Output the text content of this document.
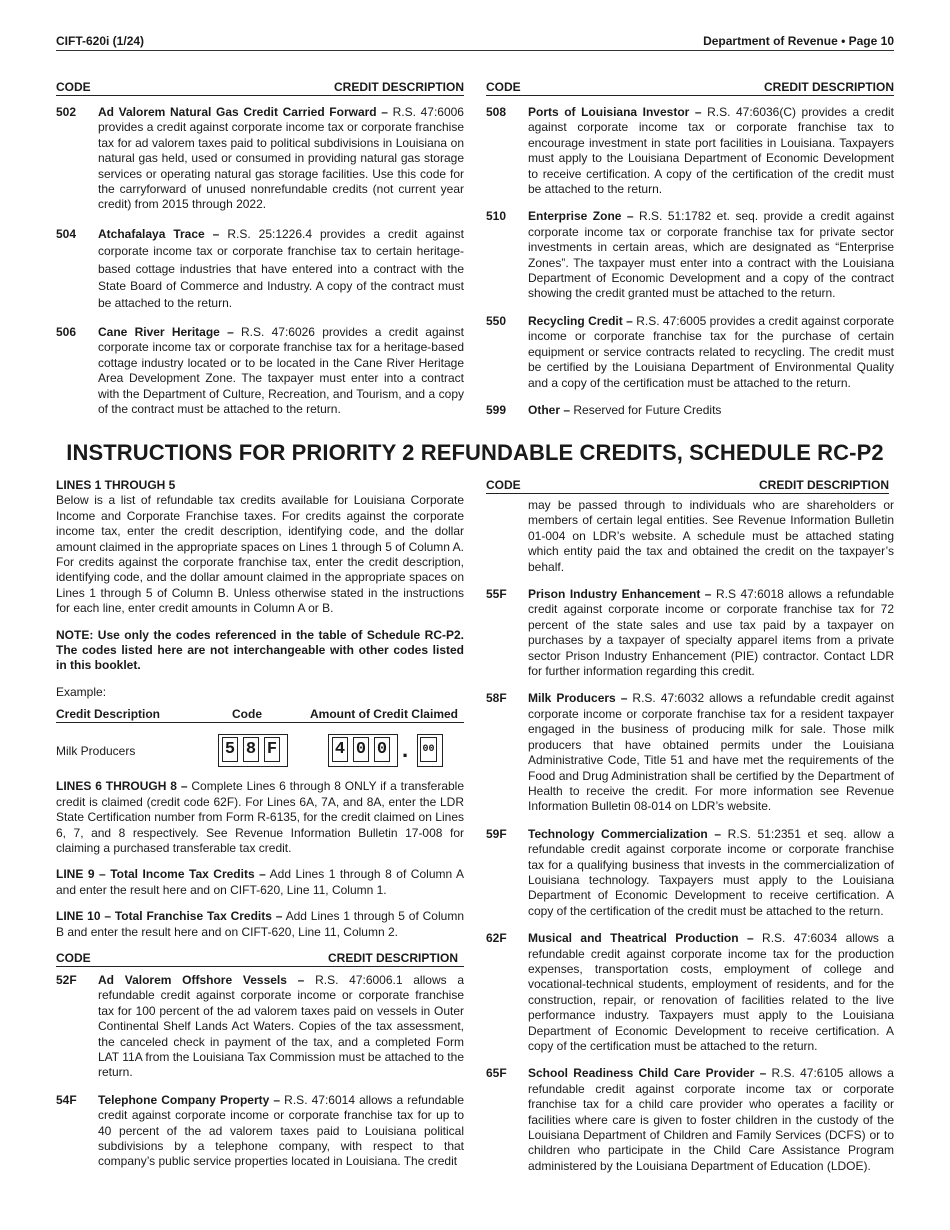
CIFT-620i (1/24)	Department of Revenue • Page 10
CODE	CREDIT DESCRIPTION
502 Ad Valorem Natural Gas Credit Carried Forward – R.S. 47:6006 provides a credit against corporate income tax or corporate franchise tax for ad valorem taxes paid to political subdivisions in Louisiana on natural gas held, used or consumed in providing natural gas storage services or operating natural gas storage facilities. Use this code for the carryforward of unused nonrefundable credits (not current year credit) from 2015 through 2022.
504 Atchafalaya Trace – R.S. 25:1226.4 provides a credit against corporate income tax or corporate franchise tax to certain heritage-based cottage industries that have entered into a contract with the State Board of Commerce and Industry. A copy of the contract must be attached to the return.
506 Cane River Heritage – R.S. 47:6026 provides a credit against corporate income tax or corporate franchise tax for a heritage-based cottage industry located or to be located in the Cane River Heritage Area Development Zone. The taxpayer must enter into a contract with the Department of Culture, Recreation, and Tourism, and a copy of the contract must be attached to the return.
CODE	CREDIT DESCRIPTION
508 Ports of Louisiana Investor – R.S. 47:6036(C) provides a credit against corporate income tax or corporate franchise tax to encourage investment in state port facilities in Louisiana. Taxpayers must apply to the Louisiana Department of Economic Development to receive certification. A copy of the certification of the credit must be attached to the return.
510 Enterprise Zone – R.S. 51:1782 et. seq. provide a credit against corporate income tax or corporate franchise tax for private sector investments in certain areas, which are designated as “Enterprise Zones”. The taxpayer must enter into a contract with the Louisiana Department of Economic Development and a copy of the contract showing the credit granted must be attached to the return.
550 Recycling Credit – R.S. 47:6005 provides a credit against corporate income or corporate franchise tax for the purchase of certain equipment or service contracts related to recycling. The credit must be certified by the Louisiana Department of Environmental Quality and a copy of the certification must be attached to the return.
599 Other – Reserved for Future Credits
INSTRUCTIONS FOR PRIORITY 2 REFUNDABLE CREDITS, SCHEDULE RC-P2
LINES 1 THROUGH 5
Below is a list of refundable tax credits available for Louisiana Corporate Income and Corporate Franchise taxes. For credits against the corporate income tax, enter the credit description, identifying code, and the dollar amount claimed in the appropriate spaces on Lines 1 through 5 of Column A. For credits against the corporate franchise tax, enter the credit description, identifying code, and the dollar amount claimed in the appropriate spaces on Lines 1 through 5 of Column B. Unless otherwise stated in the instructions for each line, enter credit amounts in Column A or B.
NOTE: Use only the codes referenced in the table of Schedule RC-P2. The codes listed here are not interchangeable with other codes listed in this booklet.
Example:
Credit Description	Code	Amount of Credit Claimed
Milk Producers	5 8 F	4 0 0 . 00
LINES 6 THROUGH 8 – Complete Lines 6 through 8 ONLY if a transferable credit is claimed (credit code 62F). For Lines 6A, 7A, and 8A, enter the LDR State Certification number from Form R-6135, for the credit claimed on Lines 6, 7, and 8 respectively. See Revenue Information Bulletin 17-008 for claiming a purchased transferable tax credit.
LINE 9 – Total Income Tax Credits – Add Lines 1 through 8 of Column A and enter the result here and on CIFT-620, Line 11, Column 1.
LINE 10 – Total Franchise Tax Credits – Add Lines 1 through 5 of Column B and enter the result here and on CIFT-620, Line 11, Column 2.
CODE	CREDIT DESCRIPTION
52F Ad Valorem Offshore Vessels – R.S. 47:6006.1 allows a refundable credit against corporate income or corporate franchise tax for 100 percent of the ad valorem taxes paid on vessels in Outer Continental Shelf Lands Act Waters. Copies of the tax assessment, the canceled check in payment of the tax, and a completed Form LAT 11A from the Louisiana Tax Commission must be attached to the return.
54F Telephone Company Property – R.S. 47:6014 allows a refundable credit against corporate income or corporate franchise tax for up to 40 percent of the ad valorem taxes paid to Louisiana political subdivisions by a telephone company, with respect to that company’s public service properties located in Louisiana. The credit
CODE	CREDIT DESCRIPTION
may be passed through to individuals who are shareholders or members of certain legal entities. See Revenue Information Bulletin 01-004 on LDR’s website. A schedule must be attached stating which entity paid the tax and obtained the credit on the taxpayer’s behalf.
55F Prison Industry Enhancement – R.S 47:6018 allows a refundable credit against corporate income or corporate franchise tax for 72 percent of the state sales and use tax paid by a taxpayer on purchases by a taxpayer of specialty apparel items from a private sector Prison Industry Enhancement (PIE) contractor. Contact LDR for further information regarding this credit.
58F Milk Producers – R.S. 47:6032 allows a refundable credit against corporate income or corporate franchise tax for a resident taxpayer engaged in the business of producing milk for sale. Those milk producers that have obtained permits under the Louisiana Administrative Code, Title 51 and have met the requirements of the Food and Drug Administration shall be certified by the Department of Health to receive the credit. For more information see Revenue Information Bulletin 08-014 on LDR’s website.
59F Technology Commercialization – R.S. 51:2351 et seq. allow a refundable credit against corporate income or corporate franchise tax for a qualifying business that invests in the commercialization of Louisiana technology. Taxpayers must apply to the Louisiana Department of Economic Development to receive certification. A copy of the certification of the credit must be attached to the return.
62F Musical and Theatrical Production – R.S. 47:6034 allows a refundable credit against corporate income tax for the production expenses, transportation costs, employment of college and vocational-technical students, employment of residents, and for the construction, repair, or renovation of facilities related to the live performance industry. Taxpayers must apply to the Louisiana Department of Economic Development to receive certification. A copy of the certification must be attached to the return.
65F School Readiness Child Care Provider – R.S. 47:6105 allows a refundable credit against corporate income tax or corporate franchise tax for a child care provider who operates a facility or facilities where care is given to foster children in the custody of the Louisiana Department of Children and Family Services (DCFS) or to children who participate in the Child Care Assistance Program administered by the Louisiana Department of Education (LDOE).
